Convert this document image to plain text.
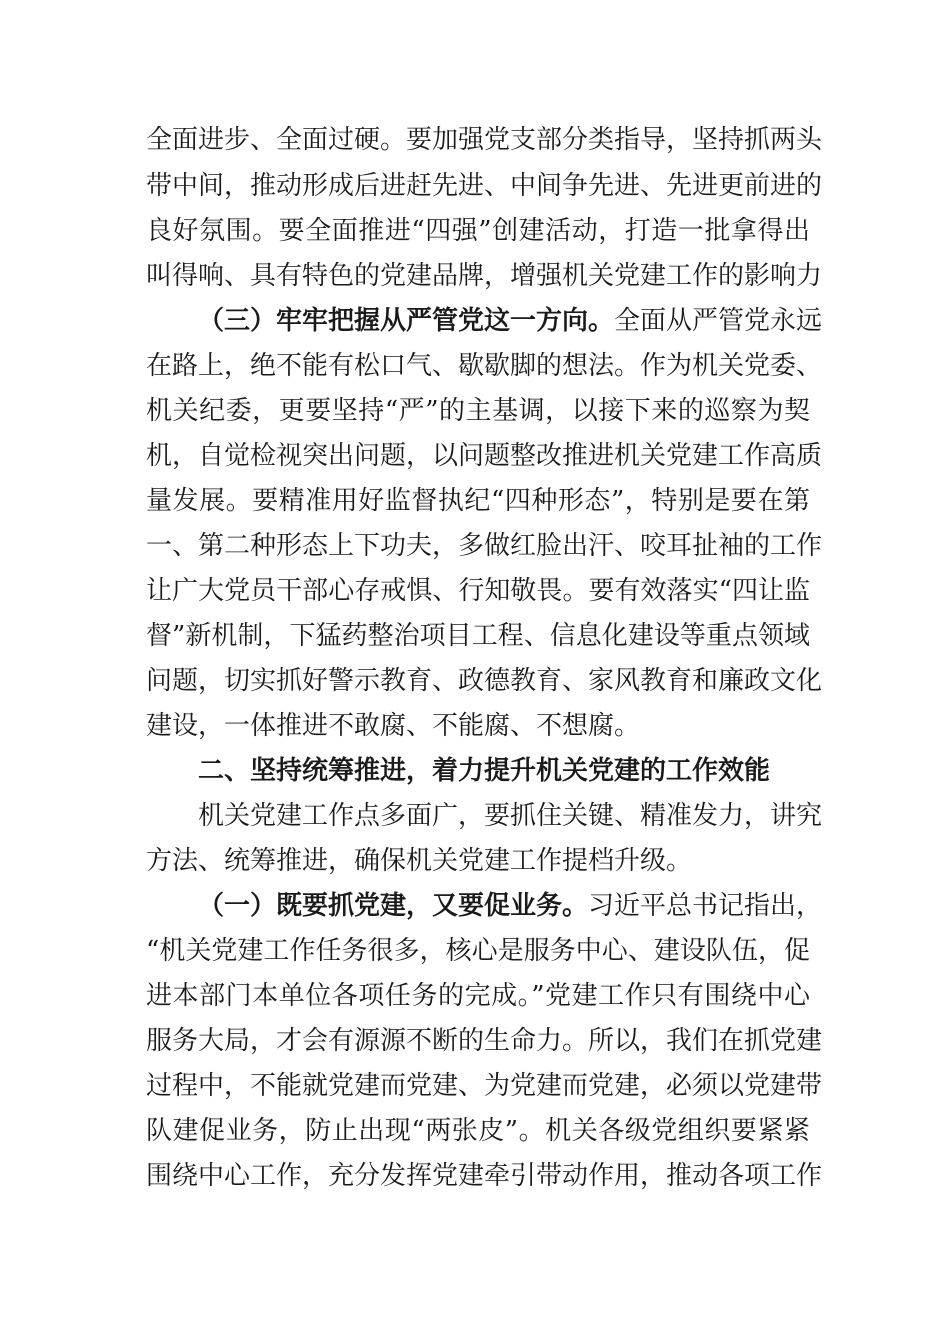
全面进步、全面过硬。要加强党支部分类指导，坚持抓两头
带中间，推动形成后进赶先进、中间争先进、先进更前进的
良好氛围。要全面推进“四强”创建活动，打造一批拿得出
叫得响、具有特色的党建品牌，增强机关党建工作的影响力
（三）牢牢把握从严管党这一方向。全面从严管党永远
在路上，绝不能有松口气、歇歇脚的想法。作为机关党委、
机关纪委，更要坚持“严”的主基调，以接下来的巡察为契
机，自觉检视突出问题，以问题整改推进机关党建工作高质
量发展。要精准用好监督执纪“四种形态”，特别是要在第
一、第二种形态上下功夫，多做红脸出汗、咬耳扯袖的工作
让广大党员干部心存戒惧、行知敬畏。要有效落实“四让监
督”新机制，下猛药整治项目工程、信息化建设等重点领域
问题，切实抓好警示教育、政德教育、家风教育和廉政文化
建设，一体推进不敢腐、不能腐、不想腐。
二、坚持统筹推进，着力提升机关党建的工作效能
机关党建工作点多面广，要抓住关键、精准发力，讲究
方法、统筹推进，确保机关党建工作提档升级。
（一）既要抓党建，又要促业务。习近平总书记指出，
“机关党建工作任务很多，核心是服务中心、建设队伍，促
进本部门本单位各项任务的完成。”党建工作只有围绕中心
服务大局，才会有源源不断的生命力。所以，我们在抓党建
过程中，不能就党建而党建、为党建而党建，必须以党建带
队建促业务，防止出现“两张皮”。机关各级党组织要紧紧
围绕中心工作，充分发挥党建牵引带动作用，推动各项工作
